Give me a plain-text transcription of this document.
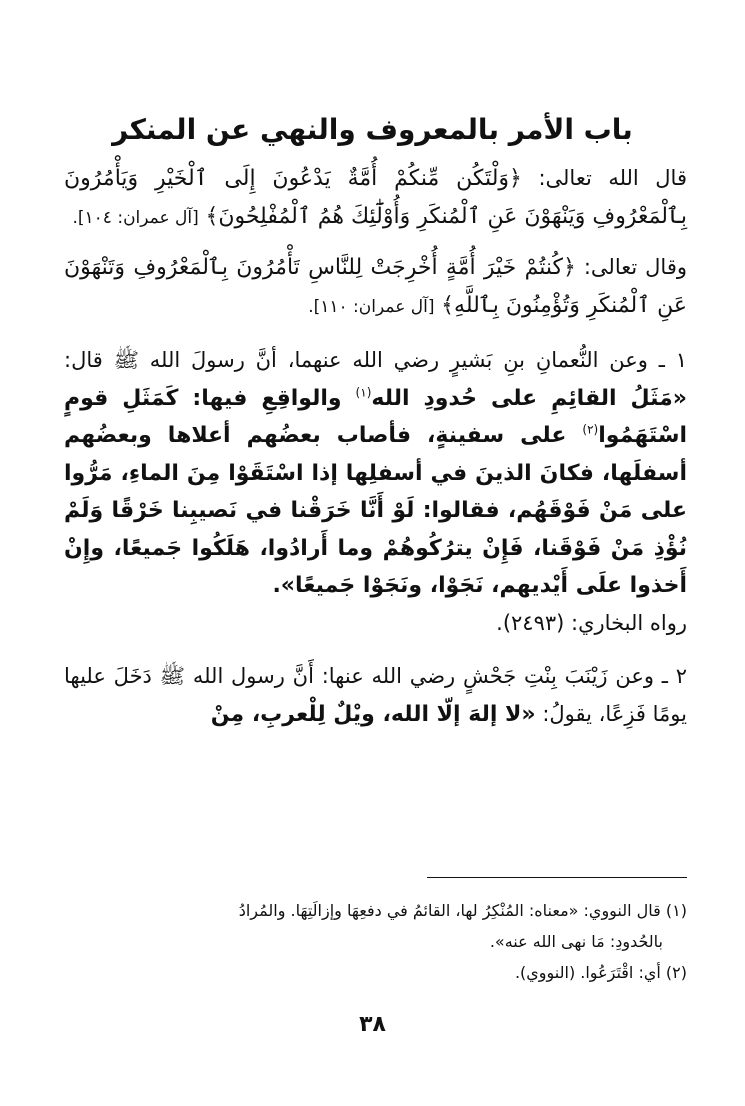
باب الأمر بالمعروف والنهي عن المنكر

قال الله تعالى: ﴿وَلْتَكُن مِّنكُمْ أُمَّةٌ يَدْعُونَ إِلَى ٱلْخَيْرِ وَيَأْمُرُونَ بِٱلْمَعْرُوفِ وَيَنْهَوْنَ عَنِ ٱلْمُنكَرِ وَأُوْلَٰٓئِكَ هُمُ ٱلْمُفْلِحُونَ﴾ [آل عمران: ١٠٤].

وقال تعالى: ﴿كُنتُمْ خَيْرَ أُمَّةٍ أُخْرِجَتْ لِلنَّاسِ تَأْمُرُونَ بِٱلْمَعْرُوفِ وَتَنْهَوْنَ عَنِ ٱلْمُنكَرِ وَتُؤْمِنُونَ بِٱللَّهِ﴾ [آل عمران: ١١٠].

١ ـ وعن النُّعمانِ بنِ بَشيرٍ رضي الله عنهما، أنَّ رسولَ الله ﷺ قال: «مَثَلُ القائِمِ على حُدودِ الله$^{(١)}$ والواقِعِ فيها: كَمَثَلِ قومٍ اسْتَهَمُوا$^{(٢)}$ على سفينةٍ، فأصاب بعضُهم أعلاها وبعضُهم أسفلَها، فكانَ الذينَ في أسفلِها إذا اسْتَقَوْا مِنَ الماءِ، مَرُّوا على مَنْ فَوْقَهُم، فقالوا: لَوْ أَنَّا خَرَقْنا في نَصيبِنا خَرْقًا وَلَمْ نُؤْذِ مَنْ فَوْقَنا، فَإِنْ يترُكُوهُمْ وما أَرادُوا، هَلَكُوا جَميعًا، وإِنْ أَخذوا علَى أَيْديهم، نَجَوْا، ونَجَوْا جَميعًا».
رواه البخاري: (٢٤٩٣).

٢ ـ وعن زَيْنَبَ بِنْتِ جَحْشٍ رضي الله عنها: أَنَّ رسول الله ﷺ دَخَلَ عليها يومًا فَزِعًا، يقولُ: «لا إلهَ إلّا الله، ويْلٌ لِلْعربِ، مِنْ

(١) قال النووي: «معناه: المُنْكِرُ لها، القائمُ في دفعِهَا وإزالَتِهَا. والمُرادُ

بالحُدودِ: مَا نهى الله عنه».

(٢) أي: اقْتَرَعُوا. (النووي).

٣٨
